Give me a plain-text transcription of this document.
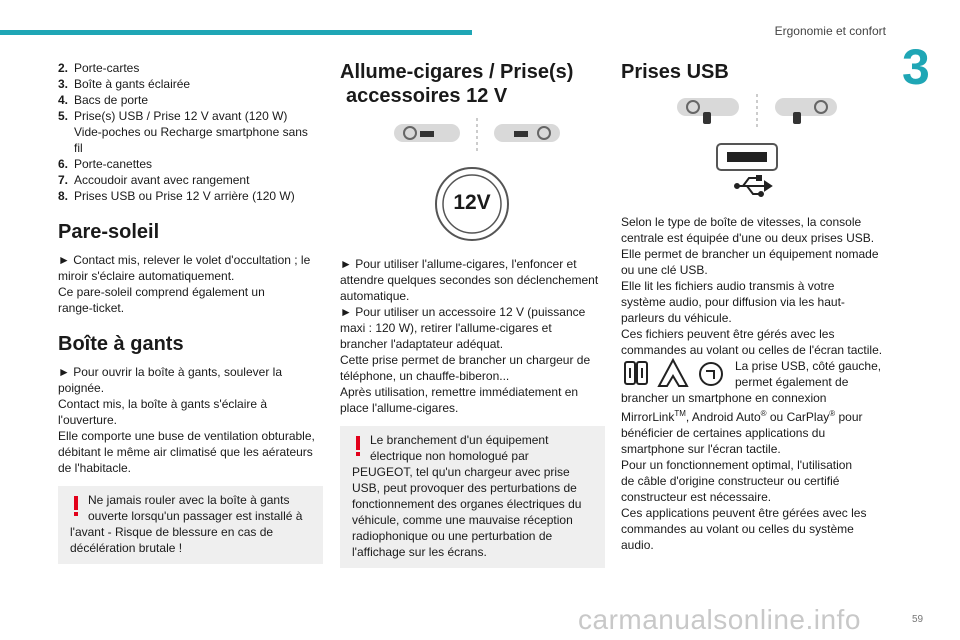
Ergonomie et confort
3
2. Porte-cartes
3. Boîte à gants éclairée
4. Bacs de porte
5. Prise(s) USB / Prise 12 V avant (120 W)
Vide-poches ou Recharge smartphone sans
fil
6. Porte-canettes
7. Accoudoir avant avec rangement
8. Prises USB ou Prise 12 V arrière (120 W)
Pare-soleil

► Contact mis, relever le volet d'occultation ; le
miroir s'éclaire automatiquement.
Ce pare-soleil comprend également un
range-ticket.

Boîte à gants

► Pour ouvrir la boîte à gants, soulever la
poignée.
Contact mis, la boîte à gants s'éclaire à
l'ouverture.
Elle comporte une buse de ventilation obturable,
débitant le même air climatisé que les aérateurs
de l'habitacle.

Ne jamais rouler avec la boîte à gants
ouverte lorsqu'un passager est installé à
l'avant - Risque de blessure en cas de
décélération brutale !
Allume-cigares / Prise(s)
accessoires 12 V
12V

► Pour utiliser l'allume-cigares, l'enfoncer et
attendre quelques secondes son déclenchement
automatique.
► Pour utiliser un accessoire 12 V (puissance
maxi : 120 W), retirer l'allume-cigares et
brancher l'adaptateur adéquat.
Cette prise permet de brancher un chargeur de
téléphone, un chauffe-biberon...
Après utilisation, remettre immédiatement en
place l'allume-cigares.

Le branchement d'un équipement
électrique non homologué par
PEUGEOT, tel qu'un chargeur avec prise
USB, peut provoquer des perturbations de
fonctionnement des organes électriques du
véhicule, comme une mauvaise réception
radiophonique ou une perturbation de
l'affichage sur les écrans.
Prises USB

Selon le type de boîte de vitesses, la console
centrale est équipée d'une ou deux prises USB.
Elle permet de brancher un équipement nomade
ou une clé USB.
Elle lit les fichiers audio transmis à votre
système audio, pour diffusion via les haut-
parleurs du véhicule.
Ces fichiers peuvent être gérés avec les
commandes au volant ou celles de l'écran tactile.

La prise USB, côté gauche,

permet également de

brancher un smartphone en connexion
MirrorLink™, Android Auto® ou CarPlay® pour
bénéficier de certaines applications du
smartphone sur l'écran tactile.
Pour un fonctionnement optimal, l'utilisation
de câble d'origine constructeur ou certifié
constructeur est nécessaire.
Ces applications peuvent être gérées avec les
commandes au volant ou celles du système
audio.

carmanualsonline.info	59
